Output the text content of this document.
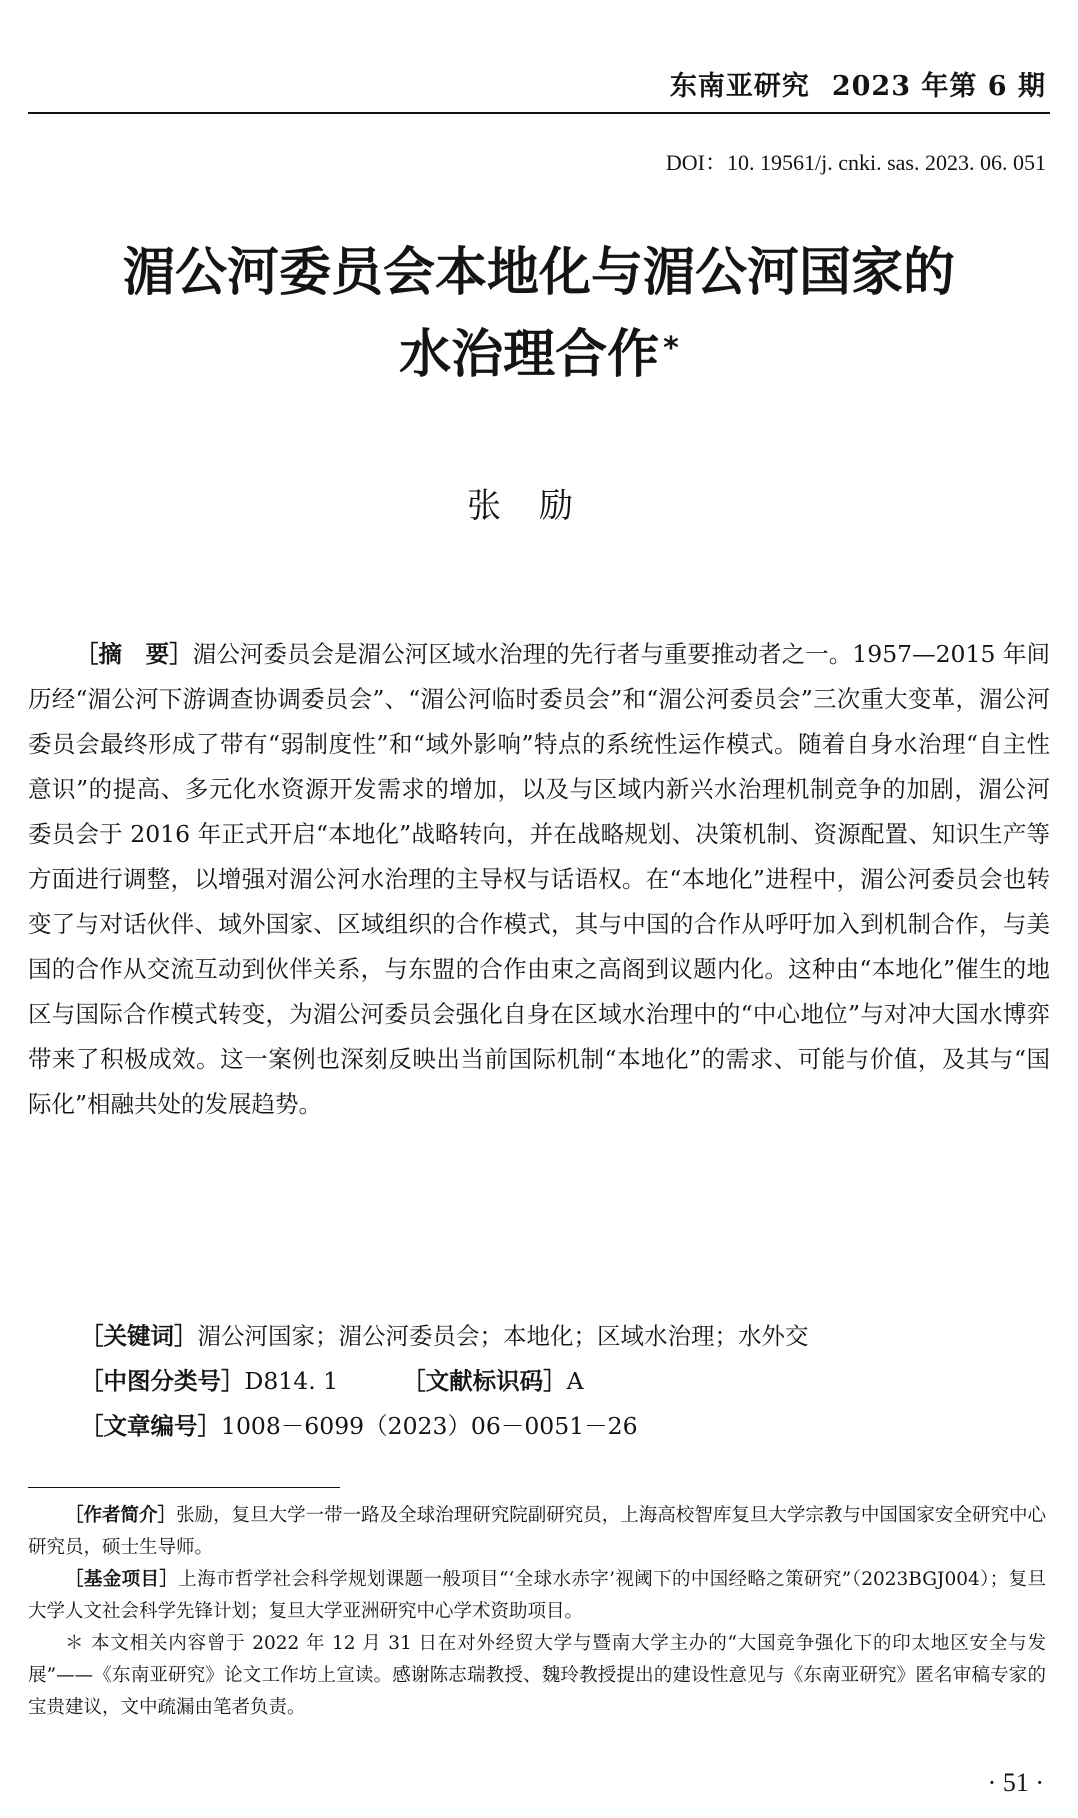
东南亚研究 2023 年第 6 期
DOI：10. 19561/j. cnki. sas. 2023. 06. 051
湄公河委员会本地化与湄公河国家的
水治理合作 *
张励

［摘　要］湄公河委员会是湄公河区域水治理的先行者与重要推动者之一。1957—2015 年间历经“湄公河下游调查协调委员会”、“湄公河临时委员会”和“湄公河委员会”三次重大变革，湄公河委员会最终形成了带有“弱制度性”和“域外影响”特点的系统性运作模式。随着自身水治理“自主性意识”的提高、多元化水资源开发需求的增加，以及与区域内新兴水治理机制竞争的加剧，湄公河委员会于 2016 年正式开启“本地化”战略转向，并在战略规划、决策机制、资源配置、知识生产等方面进行调整，以增强对湄公河水治理的主导权与话语权。在“本地化”进程中，湄公河委员会也转变了与对话伙伴、域外国家、区域组织的合作模式，其与中国的合作从呼吁加入到机制合作，与美国的合作从交流互动到伙伴关系，与东盟的合作由束之高阁到议题内化。这种由“本地化”催生的地区与国际合作模式转变，为湄公河委员会强化自身在区域水治理中的“中心地位”与对冲大国水博弈带来了积极成效。这一案例也深刻反映出当前国际机制“本地化”的需求、可能与价值，及其与“国际化”相融共处的发展趋势。

［关键词］湄公河国家；湄公河委员会；本地化；区域水治理；水外交
［中图分类号］D814. 1	［文献标识码］A
［文章编号］1008－6099（2023）06－0051－26

［作者简介］张励，复旦大学一带一路及全球治理研究院副研究员，上海高校智库复旦大学宗教与中国国家安全研究中心研究员，硕士生导师。

［基金项目］上海市哲学社会科学规划课题一般项目“‘全球水赤字’视阈下的中国经略之策研究”（2023BGJ004）；复旦大学人文社会科学先锋计划；复旦大学亚洲研究中心学术资助项目。

＊ 本文相关内容曾于 2022 年 12 月 31 日在对外经贸大学与暨南大学主办的“大国竞争强化下的印太地区安全与发展”——《东南亚研究》论文工作坊上宣读。感谢陈志瑞教授、魏玲教授提出的建设性意见与《东南亚研究》匿名审稿专家的宝贵建议，文中疏漏由笔者负责。

· 51 ·
